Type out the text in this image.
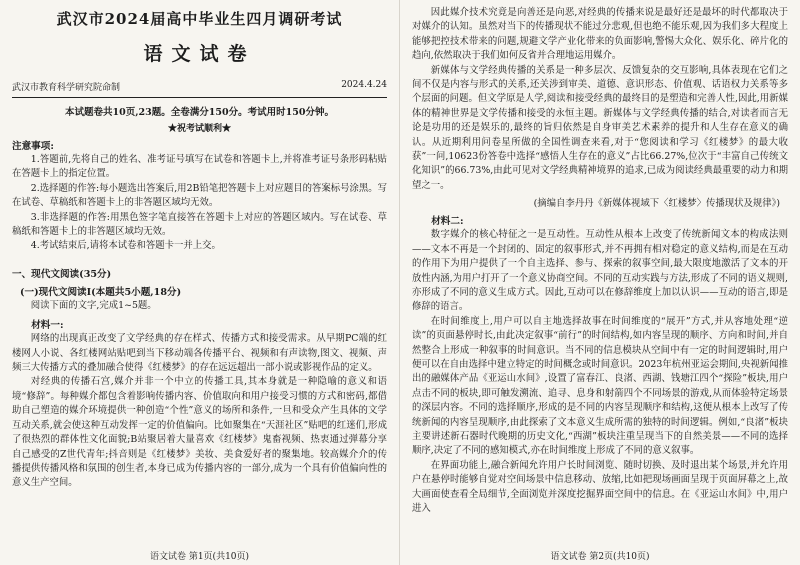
武汉市2024届高中毕业生四月调研考试
语文试卷
武汉市教育科学研究院命制	2024.4.24
本试题卷共10页,23题。全卷满分150分。考试用时150分钟。
★祝考试顺利★
注意事项:

1.答题前,先将自己的姓名、准考证号填写在试卷和答题卡上,并将准考证号条形码粘贴在答题卡上的指定位置。

2.选择题的作答:每小题选出答案后,用2B铅笔把答题卡上对应题目的答案标号涂黑。写在试卷、草稿纸和答题卡上的非答题区域均无效。

3.非选择题的作答:用黑色签字笔直接答在答题卡上对应的答题区域内。写在试卷、草稿纸和答题卡上的非答题区域均无效。

4.考试结束后,请将本试卷和答题卡一并上交。

一、现代文阅读(35分)
(一)现代文阅读Ⅰ(本题共5小题,18分)

阅读下面的文字,完成1~5题。

材料一:

网络的出现真正改变了文学经典的存在样式、传播方式和接受需求。从早期PC端的红楼网人小说、各红楼网站贴吧到当下移动端各传播平台、视频和有声读物,图文、视频、声频三大传播方式的叠加融合使得《红楼梦》的存在远远超出一部小说或影视作品的定义。

对经典的传播石宫,媒介并非一个中立的传播工具,其本身就是一种隐喻的意义和语境“修辞”。每种媒介都包含着影响传播内容、价值取向和用户接受习惯的方式和密码,都借助自己塑造的媒介环境提供一种创造“个性”意义的场所和条件,一旦和受众产生具体的文学互动关系,就会使这种互动发挥一定的价值偏向。比如聚集在“天涯社区”贴吧的红迷们,形成了很热烈的群体性文化面貌;B站聚居着大量喜欢《红楼梦》鬼畜视频、热衷通过弹幕分享自己感受的Z世代青年;抖音则是《红楼梦》美妆、美食爱好者的聚集地。较高媒介介的传播提供传播风格和氛围的创生者,本身已成为传播内容的一部分,成为一个具有价值偏向性的意义生产空间。

语文试卷 第1页(共10页)

因此媒介技术究竟是向善还是向恶,对经典的传播来说是最好还是最坏的时代都取决于对媒介的认知。虽然对当下的传播现状不能过分悲观,但也绝不能乐观,因为我们多大程度上能够把控技术带来的问题,规避文学产业化带来的负面影响,警惕大众化、娱乐化、碎片化的趋向,依然取决于我们如何反省并合理地运用媒介。

新媒体与文学经典传播的关系是一种多层次、反馈复杂的交互影响,具体表现在它们之间不仅是内容与形式的关系,还关涉到审美、道德、意识形态、价值观、话语权力关系等多个层面的问题。但文学原是人学,阅读和接受经典的最终目的是塑造和完善人性,因此,用新媒体的精神世界是文学传播和接受的永恒主题。新媒体与文学经典传播的结合,对读者而言无论是功用的还是娱乐的,最终的旨归依然是自身审美艺术素养的提升和人生存在意义的确认。从近期利用问卷星所做的全国性调查来看,对于“您阅读和学习《红楼梦》的最大收获”一问,10623份答卷中选择“感悟人生存在的意义”占比66.27%,位次于“丰富自己传统文化知识”的66.73%,由此可见对文学经典精神境界的追求,已成为阅读经典最重要的动力和期望之一。

(摘编自李丹丹《新媒体视域下〈红楼梦〉传播现状及规律》)
材料二:

数字媒介的核心特征之一是互动性。互动性从根本上改变了传统新闻文本的构成法则——文本不再是一个封闭的、固定的叙事形式,并不再拥有相对稳定的意义结构,而是在互动的作用下为用户提供了一个自主选择、参与、探索的叙事空间,最大限度地激活了文本的开放性内涵,为用户打开了一个意义协商空间。不同的互动实践与方法,形成了不同的语义规则,亦形成了不同的意义生成方式。因此,互动可以在修辞维度上加以认识——互动的语言,即是修辞的语言。

在时间维度上,用户可以自主地选择故事在时间维度的“展开”方式,并从容地处理“逆读”的页面悬停时长,由此决定叙事“前行”的时间结构,如内容呈现的顺序、方向和时间,并自然整合上形成一种叙事的时间意识。当不同的信息模块从空间中有一定的时间逻辑时,用户便可以在自由选择中建立特定的时间概念或时间意识。2023年杭州亚运会期间,央视新闻推出的融媒体产品《亚运山水间》,设置了富春江、良渚、西湖、钱塘江四个“探险”板块,用户点击不同的板块,即可触发溯流、追寻、息身和射箭四个不同场景的游戏,从而体验特定场景的深层内容。不同的选择顺序,形成的是不同的内容呈现顺序和结构,这便从根本上改写了传统新闻的内容呈现顺序,由此探索了文本意义生成所需的独特的时间逻辑。例如,“良渚”板块主要讲述新石器时代晚期的历史文化,“西湖”板块注重呈现当下的自然美景——不同的选择顺序,决定了不同的感知模式,亦在时间维度上形成了不同的意义叙事。

在界面功能上,融合新闻允许用户长时间浏览、随时切换、及时退出某个场景,并允许用户在悬停时能够自觉对空间场景中信息移动、放缩,比如把现场画面呈现于页面屏幕之上,故大画面使查看全局细节,全面浏览并深度挖掘界面空间中的信息。在《亚运山水间》中,用户进入

语文试卷 第2页(共10页)
